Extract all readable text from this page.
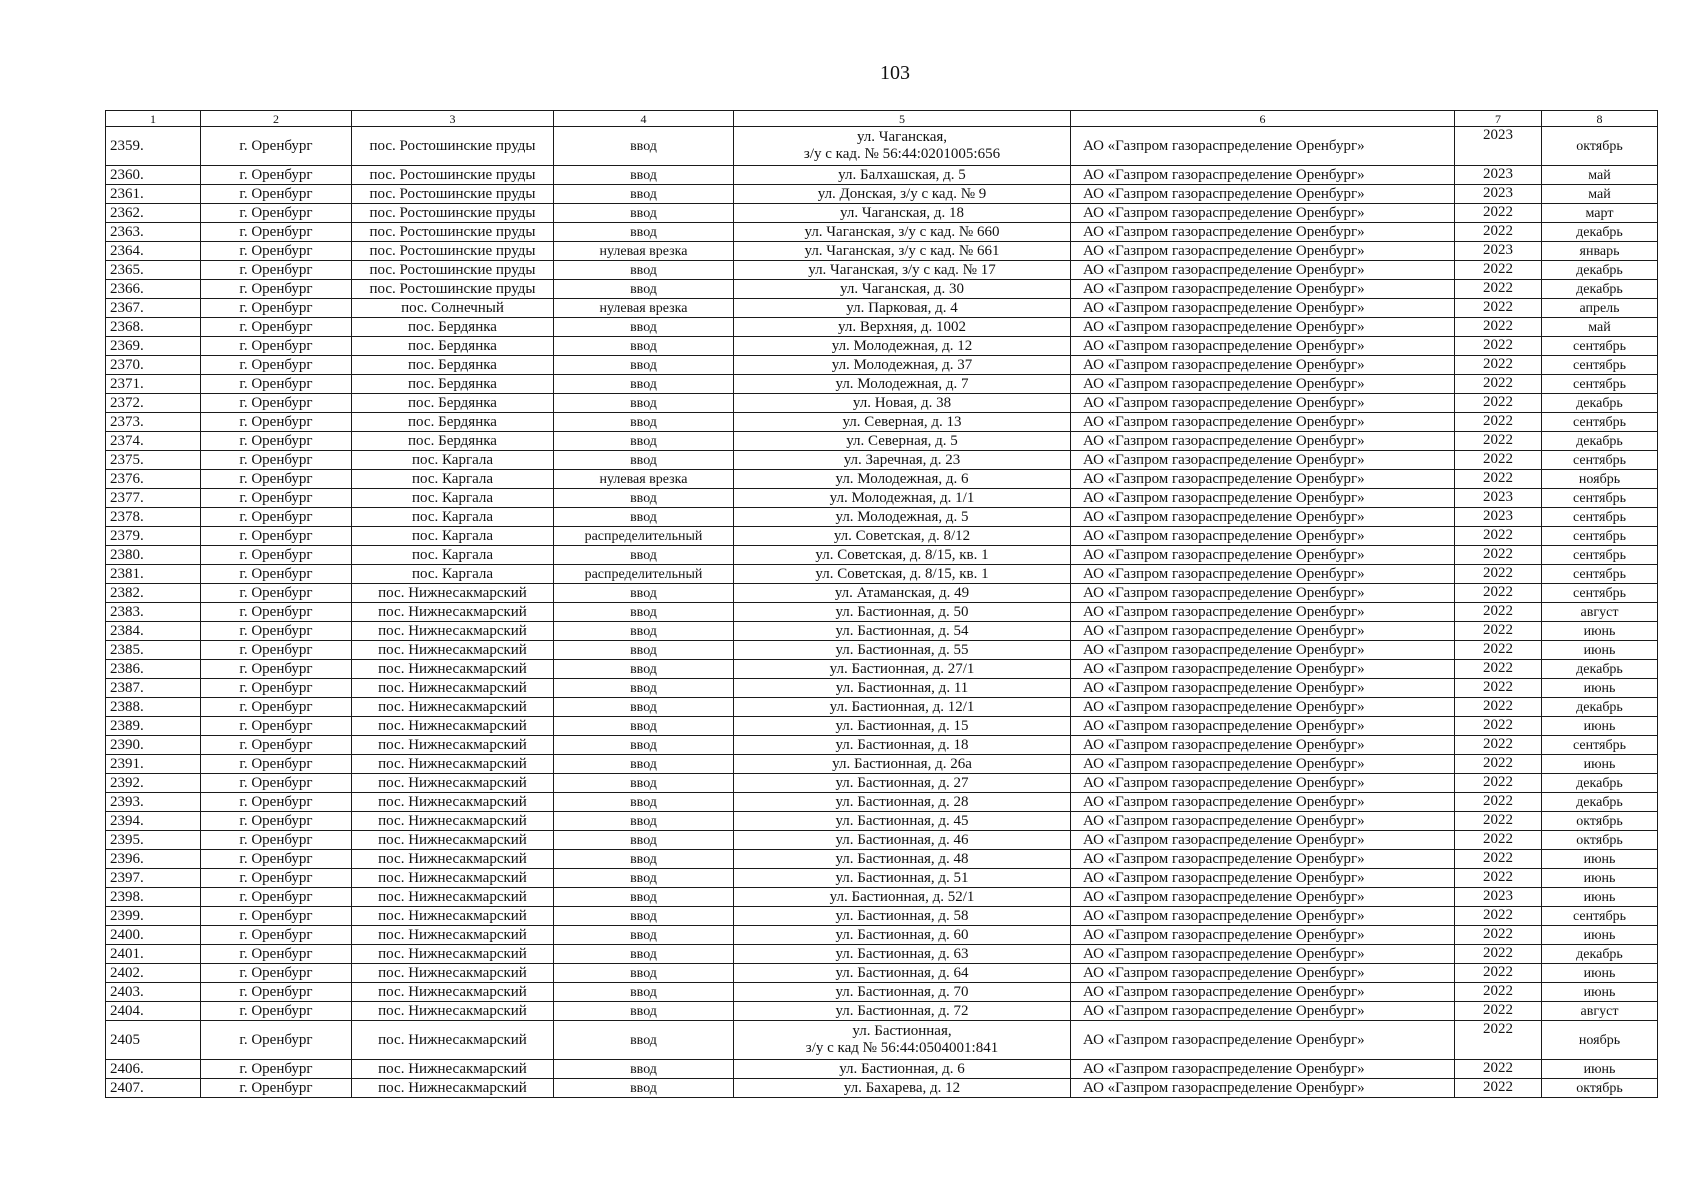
103
1	2	3	4	5	6	7	8
2359.	г. Оренбург	пос. Ростошинские пруды	ввод	ул. Чаганская,
з/у с кад. № 56:44:0201005:656	АО «Газпром газораспределение Оренбург»	2023	октябрь
2360.	г. Оренбург	пос. Ростошинские пруды	ввод	ул. Балхашская, д. 5	АО «Газпром газораспределение Оренбург»	2023	май
2361.	г. Оренбург	пос. Ростошинские пруды	ввод	ул. Донская, з/у с кад. № 9	АО «Газпром газораспределение Оренбург»	2023	май
2362.	г. Оренбург	пос. Ростошинские пруды	ввод	ул. Чаганская, д. 18	АО «Газпром газораспределение Оренбург»	2022	март
2363.	г. Оренбург	пос. Ростошинские пруды	ввод	ул. Чаганская, з/у с кад. № 660	АО «Газпром газораспределение Оренбург»	2022	декабрь
2364.	г. Оренбург	пос. Ростошинские пруды	нулевая врезка	ул. Чаганская, з/у с кад. № 661	АО «Газпром газораспределение Оренбург»	2023	январь
2365.	г. Оренбург	пос. Ростошинские пруды	ввод	ул. Чаганская, з/у с кад. № 17	АО «Газпром газораспределение Оренбург»	2022	декабрь
2366.	г. Оренбург	пос. Ростошинские пруды	ввод	ул. Чаганская, д. 30	АО «Газпром газораспределение Оренбург»	2022	декабрь
2367.	г. Оренбург	пос. Солнечный	нулевая врезка	ул. Парковая, д. 4	АО «Газпром газораспределение Оренбург»	2022	апрель
2368.	г. Оренбург	пос. Бердянка	ввод	ул. Верхняя, д. 1002	АО «Газпром газораспределение Оренбург»	2022	май
2369.	г. Оренбург	пос. Бердянка	ввод	ул. Молодежная, д. 12	АО «Газпром газораспределение Оренбург»	2022	сентябрь
2370.	г. Оренбург	пос. Бердянка	ввод	ул. Молодежная, д. 37	АО «Газпром газораспределение Оренбург»	2022	сентябрь
2371.	г. Оренбург	пос. Бердянка	ввод	ул. Молодежная, д. 7	АО «Газпром газораспределение Оренбург»	2022	сентябрь
2372.	г. Оренбург	пос. Бердянка	ввод	ул. Новая, д. 38	АО «Газпром газораспределение Оренбург»	2022	декабрь
2373.	г. Оренбург	пос. Бердянка	ввод	ул. Северная, д. 13	АО «Газпром газораспределение Оренбург»	2022	сентябрь
2374.	г. Оренбург	пос. Бердянка	ввод	ул. Северная, д. 5	АО «Газпром газораспределение Оренбург»	2022	декабрь
2375.	г. Оренбург	пос. Каргала	ввод	ул. Заречная, д. 23	АО «Газпром газораспределение Оренбург»	2022	сентябрь
2376.	г. Оренбург	пос. Каргала	нулевая врезка	ул. Молодежная, д. 6	АО «Газпром газораспределение Оренбург»	2022	ноябрь
2377.	г. Оренбург	пос. Каргала	ввод	ул. Молодежная, д. 1/1	АО «Газпром газораспределение Оренбург»	2023	сентябрь
2378.	г. Оренбург	пос. Каргала	ввод	ул. Молодежная, д. 5	АО «Газпром газораспределение Оренбург»	2023	сентябрь
2379.	г. Оренбург	пос. Каргала	распределительный	ул. Советская, д. 8/12	АО «Газпром газораспределение Оренбург»	2022	сентябрь
2380.	г. Оренбург	пос. Каргала	ввод	ул. Советская, д. 8/15, кв. 1	АО «Газпром газораспределение Оренбург»	2022	сентябрь
2381.	г. Оренбург	пос. Каргала	распределительный	ул. Советская, д. 8/15, кв. 1	АО «Газпром газораспределение Оренбург»	2022	сентябрь
2382.	г. Оренбург	пос. Нижнесакмарский	ввод	ул. Атаманская, д. 49	АО «Газпром газораспределение Оренбург»	2022	сентябрь
2383.	г. Оренбург	пос. Нижнесакмарский	ввод	ул. Бастионная, д. 50	АО «Газпром газораспределение Оренбург»	2022	август
2384.	г. Оренбург	пос. Нижнесакмарский	ввод	ул. Бастионная, д. 54	АО «Газпром газораспределение Оренбург»	2022	июнь
2385.	г. Оренбург	пос. Нижнесакмарский	ввод	ул. Бастионная, д. 55	АО «Газпром газораспределение Оренбург»	2022	июнь
2386.	г. Оренбург	пос. Нижнесакмарский	ввод	ул. Бастионная, д. 27/1	АО «Газпром газораспределение Оренбург»	2022	декабрь
2387.	г. Оренбург	пос. Нижнесакмарский	ввод	ул. Бастионная, д. 11	АО «Газпром газораспределение Оренбург»	2022	июнь
2388.	г. Оренбург	пос. Нижнесакмарский	ввод	ул. Бастионная, д. 12/1	АО «Газпром газораспределение Оренбург»	2022	декабрь
2389.	г. Оренбург	пос. Нижнесакмарский	ввод	ул. Бастионная, д. 15	АО «Газпром газораспределение Оренбург»	2022	июнь
2390.	г. Оренбург	пос. Нижнесакмарский	ввод	ул. Бастионная, д. 18	АО «Газпром газораспределение Оренбург»	2022	сентябрь
2391.	г. Оренбург	пос. Нижнесакмарский	ввод	ул. Бастионная, д. 26а	АО «Газпром газораспределение Оренбург»	2022	июнь
2392.	г. Оренбург	пос. Нижнесакмарский	ввод	ул. Бастионная, д. 27	АО «Газпром газораспределение Оренбург»	2022	декабрь
2393.	г. Оренбург	пос. Нижнесакмарский	ввод	ул. Бастионная, д. 28	АО «Газпром газораспределение Оренбург»	2022	декабрь
2394.	г. Оренбург	пос. Нижнесакмарский	ввод	ул. Бастионная, д. 45	АО «Газпром газораспределение Оренбург»	2022	октябрь
2395.	г. Оренбург	пос. Нижнесакмарский	ввод	ул. Бастионная, д. 46	АО «Газпром газораспределение Оренбург»	2022	октябрь
2396.	г. Оренбург	пос. Нижнесакмарский	ввод	ул. Бастионная, д. 48	АО «Газпром газораспределение Оренбург»	2022	июнь
2397.	г. Оренбург	пос. Нижнесакмарский	ввод	ул. Бастионная, д. 51	АО «Газпром газораспределение Оренбург»	2022	июнь
2398.	г. Оренбург	пос. Нижнесакмарский	ввод	ул. Бастионная, д. 52/1	АО «Газпром газораспределение Оренбург»	2023	июнь
2399.	г. Оренбург	пос. Нижнесакмарский	ввод	ул. Бастионная, д. 58	АО «Газпром газораспределение Оренбург»	2022	сентябрь
2400.	г. Оренбург	пос. Нижнесакмарский	ввод	ул. Бастионная, д. 60	АО «Газпром газораспределение Оренбург»	2022	июнь
2401.	г. Оренбург	пос. Нижнесакмарский	ввод	ул. Бастионная, д. 63	АО «Газпром газораспределение Оренбург»	2022	декабрь
2402.	г. Оренбург	пос. Нижнесакмарский	ввод	ул. Бастионная, д. 64	АО «Газпром газораспределение Оренбург»	2022	июнь
2403.	г. Оренбург	пос. Нижнесакмарский	ввод	ул. Бастионная, д. 70	АО «Газпром газораспределение Оренбург»	2022	июнь
2404.	г. Оренбург	пос. Нижнесакмарский	ввод	ул. Бастионная, д. 72	АО «Газпром газораспределение Оренбург»	2022	август
2405	г. Оренбург	пос. Нижнесакмарский	ввод	ул. Бастионная,
з/у с кад № 56:44:0504001:841	АО «Газпром газораспределение Оренбург»	2022	ноябрь
2406.	г. Оренбург	пос. Нижнесакмарский	ввод	ул. Бастионная, д. 6	АО «Газпром газораспределение Оренбург»	2022	июнь
2407.	г. Оренбург	пос. Нижнесакмарский	ввод	ул. Бахарева, д. 12	АО «Газпром газораспределение Оренбург»	2022	октябрь
